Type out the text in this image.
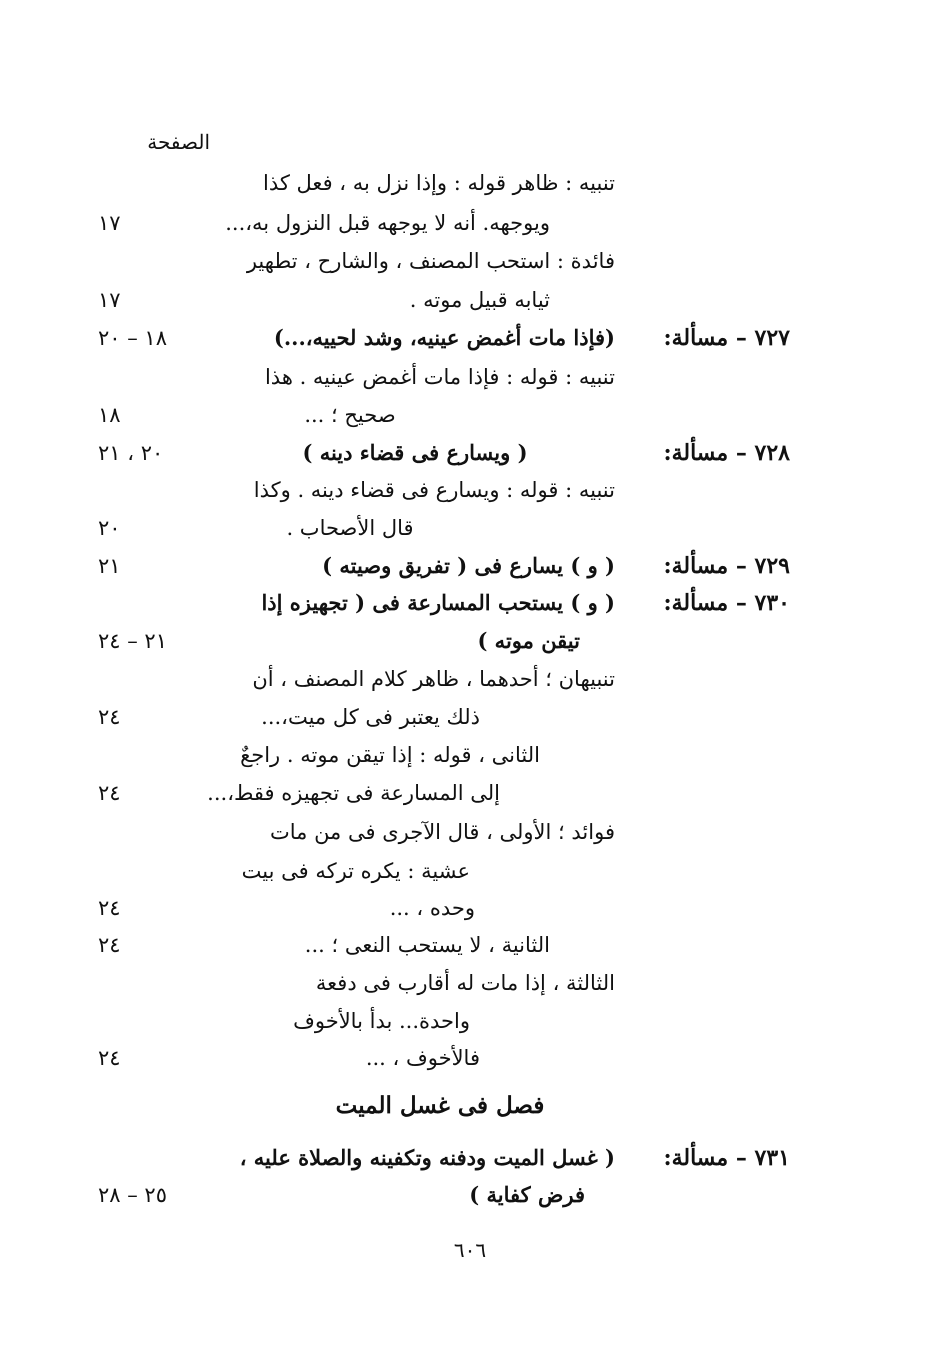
الصفحة
تنبيه : ظاهر قوله : وإذا نزل به ، فعل كذا
ويوجهه. أنه لا يوجهه قبل النزول به،...
١٧
فائدة : استحب المصنف ، والشارح ، تطهير
ثيابه قبيل موته .
١٧
٧٢٧ – مسألة:
(فإذا مات أغمض عينيه، وشد لحييه،...)
١٨ – ٢٠
تنبيه : قوله : فإذا مات أغمض عينيه . هذا
صحيح ؛ ...
١٨
٧٢٨ – مسألة:
( ويسارع فى قضاء دينه )
٢٠ ، ٢١
تنبيه : قوله : ويسارع فى قضاء دينه . وكذا
قال الأصحاب .
٢٠
٧٢٩ – مسألة:
( و ) يسارع فى ( تفريق وصيته )
٢١
٧٣٠ – مسألة:
( و ) يستحب المسارعة فى ( تجهيزه إذا
تيقن موته )
٢١ – ٢٤
تنبيهان ؛ أحدهما ، ظاهر كلام المصنف ، أن
ذلك يعتبر فى كل ميت،...
٢٤
الثانى ، قوله : إذا تيقن موته . راجعٌ
إلى المسارعة فى تجهيزه فقط،...
٢٤
فوائد ؛ الأولى ، قال الآجرى فى من مات
عشية : يكره تركه فى بيت
وحده ، ...
٢٤
الثانية ، لا يستحب النعى ؛ ...
٢٤
الثالثة ، إذا مات له أقارب فى دفعة
واحدة... بدأ بالأخوف
فالأخوف ، ...
٢٤
فصل فى غسل الميت
٧٣١ – مسألة:
( غسل الميت ودفنه وتكفينه والصلاة عليه ،
فرض كفاية )
٢٥ – ٢٨
٦٠٦
